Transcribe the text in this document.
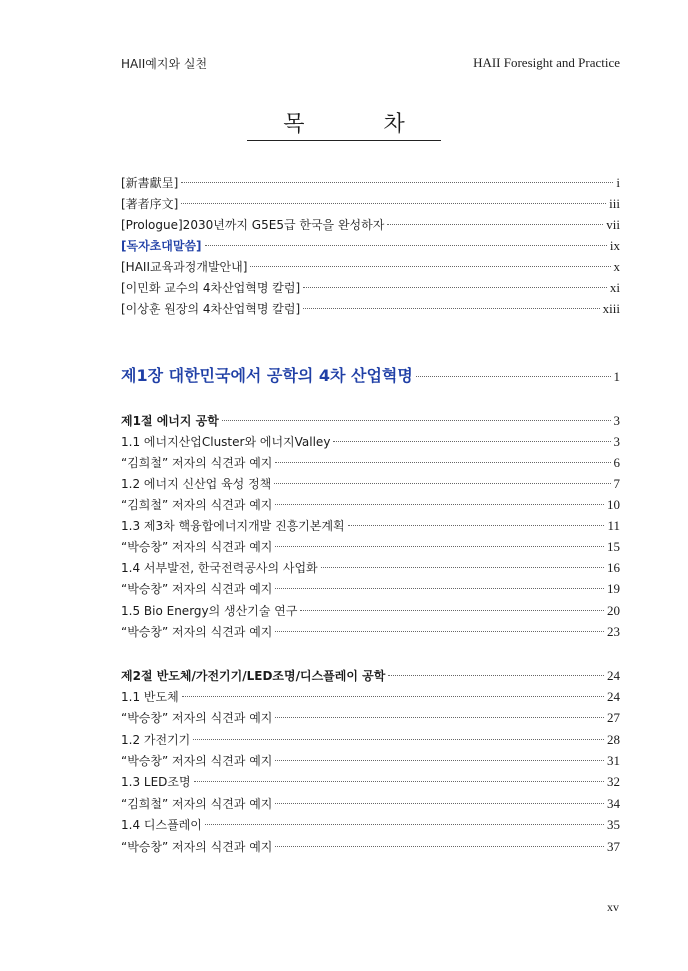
HAII예지와 실천	HAII Foresight and Practice
목 차
[新書獻呈]	i
[著者序文]	iii
[Prologue]2030년까지 G5E5급 한국을 완성하자	vii
[독자초대말씀]	ix
[HAII교육과정개발안내]	x
[이민화 교수의 4차산업혁명 칼럼]	xi
[이상훈 원장의 4차산업혁명 칼럼]	xiii
제1장 대한민국에서 공학의 4차 산업혁명	1
제1절 에너지 공학	3
1.1 에너지산업Cluster와 에너지Valley	3
“김희철” 저자의 식견과 예지	6
1.2 에너지 신산업 육성 정책	7
“김희철” 저자의 식견과 예지	10
1.3 제3차 핵융합에너지개발 진흥기본계획	11
“박승창” 저자의 식견과 예지	15
1.4 서부발전, 한국전력공사의 사업화	16
“박승창” 저자의 식견과 예지	19
1.5 Bio Energy의 생산기술 연구	20
“박승창” 저자의 식견과 예지	23
제2절 반도체/가전기기/LED조명/디스플레이 공학	24
1.1 반도체	24
“박승창” 저자의 식견과 예지	27
1.2 가전기기	28
“박승창” 저자의 식견과 예지	31
1.3 LED조명	32
“김희철” 저자의 식견과 예지	34
1.4 디스플레이	35
“박승창” 저자의 식견과 예지	37
xv
